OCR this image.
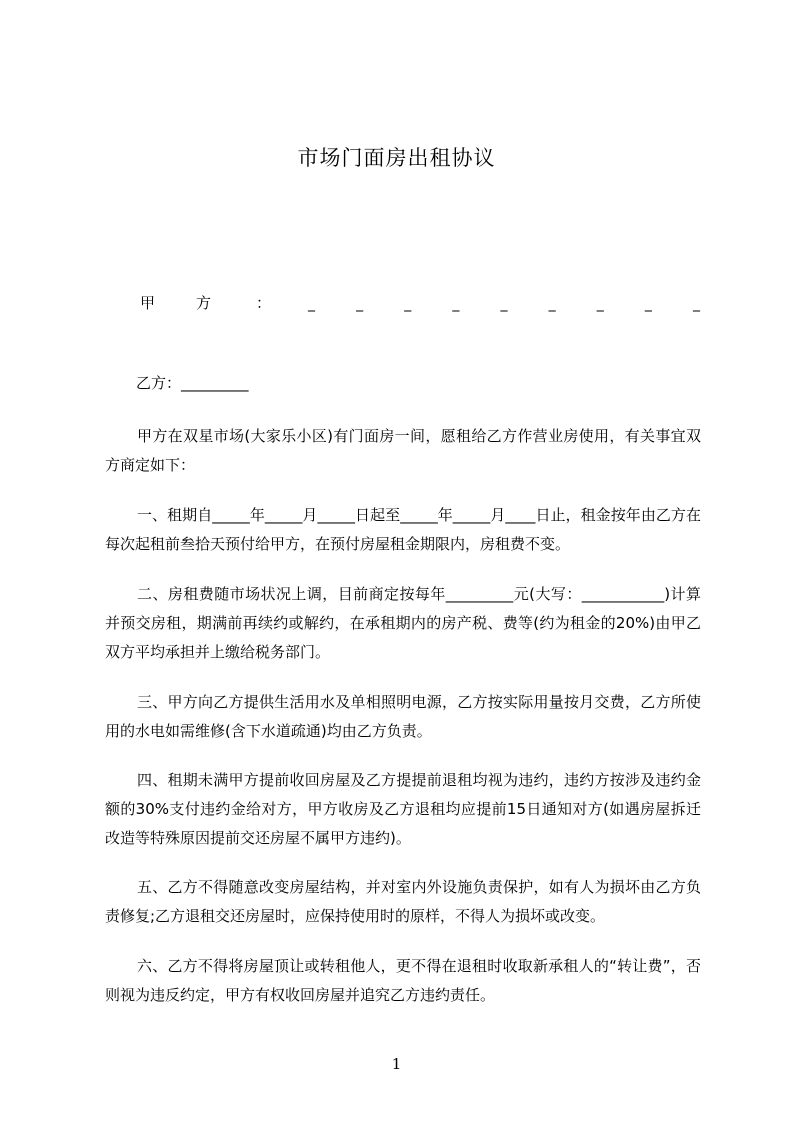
市场门面房出租协议
甲	方	：	_	_	_	_	_	_	_	_	_
乙方：_________

甲方在双星市场(大家乐小区)有门面房一间，愿租给乙方作营业房使用，有关事宜双方商定如下：

一、租期自_____年_____月_____日起至_____年_____月____日止，租金按年由乙方在每次起租前叁拾天预付给甲方，在预付房屋租金期限内，房租费不变。

二、房租费随市场状况上调，目前商定按每年_________元(大写：___________)计算并预交房租，期满前再续约或解约，在承租期内的房产税、费等(约为租金的20%)由甲乙双方平均承担并上缴给税务部门。

三、甲方向乙方提供生活用水及单相照明电源，乙方按实际用量按月交费，乙方所使用的水电如需维修(含下水道疏通)均由乙方负责。

四、租期未满甲方提前收回房屋及乙方提提前退租均视为违约，违约方按涉及违约金额的30%支付违约金给对方，甲方收房及乙方退租均应提前15日通知对方(如遇房屋拆迁改造等特殊原因提前交还房屋不属甲方违约)。

五、乙方不得随意改变房屋结构，并对室内外设施负责保护，如有人为损坏由乙方负责修复;乙方退租交还房屋时，应保持使用时的原样，不得人为损坏或改变。

六、乙方不得将房屋顶让或转租他人，更不得在退租时收取新承租人的“转让费”，否则视为违反约定，甲方有权收回房屋并追究乙方违约责任。

1
